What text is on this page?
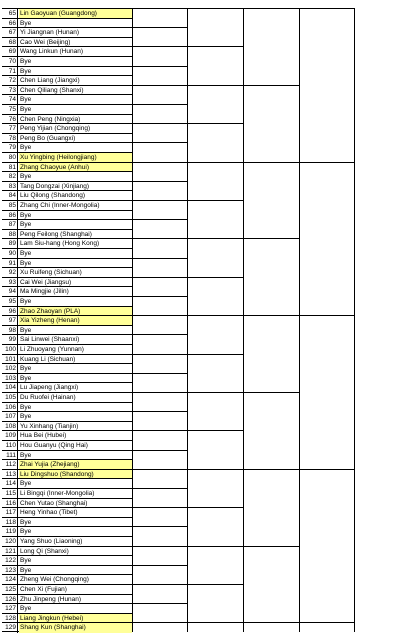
65 Lin Gaoyuan (Guangdong)
66 Bye
67 Yi Jiangnan (Hunan)
68 Cao Wei (Beijing)
69 Wang Linkun (Hunan)
70 Bye
71 Bye
72 Chen Liang (Jiangxi)
73 Chen Qiliang (Shanxi)
74 Bye
75 Bye
76 Chen Peng (Ningxia)
77 Peng Yijian (Chongqing)
78 Peng Bo (Guangxi)
79 Bye
80 Xu Yingbing (Heilongjiang)
81 Zhang Chaoyue (Anhui)
82 Bye
83 Tang Dongzai (Xinjiang)
84 Liu Qilong (Shandong)
85 Zhang Chi (Inner-Mongolia)
86 Bye
87 Bye
88 Peng Feilong (Shanghai)
89 Lam Siu-hang (Hong Kong)
90 Bye
91 Bye
92 Xu Ruifeng (Sichuan)
93 Cai Wei (Jiangsu)
94 Ma Mingjie (Jilin)
95 Bye
96 Zhao Zhaoyan (PLA)
97 Xia Yizheng (Henan)
98 Bye
99 Sai Linwei (Shaanxi)
100 Li Zhuoyang (Yunnan)
101 Kuang Li (Sichuan)
102 Bye
103 Bye
104 Lu Jiapeng (Jiangxi)
105 Du Ruofei (Hainan)
106 Bye
107 Bye
108 Yu Xinhang (Tianjin)
109 Hua Bei (Hubei)
110 Hou Guanyu (Qing Hai)
111 Bye
112 Zhai Yujia (Zhejiang)
113 Liu Dingshuo (Shandong)
114 Bye
115 Li Bingqi (Inner-Mongolia)
116 Chen Yutao (Shanghai)
117 Heng Yinhao (Tibet)
118 Bye
119 Bye
120 Yang Shuo (Liaoning)
121 Long Qi (Shanxi)
122 Bye
123 Bye
124 Zheng Wei (Chongqing)
125 Chen Xi (Fujian)
126 Zhu Jinpeng (Hunan)
127 Bye
128 Liang Jingkun (Hebei)
129 Shang Kun (Shanghai)
